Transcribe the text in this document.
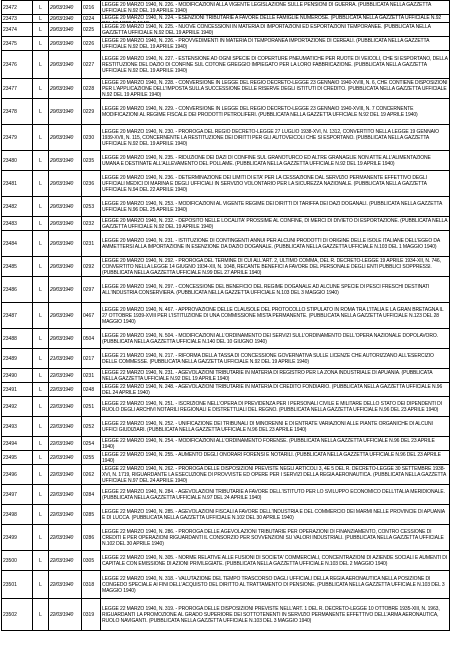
23472	L	20/03/1940	0216	LEGGE 20 MARZO 1940, N. 226. - MODIFICAZIONI ALLA VIGENTE LEGISLAZIONE SULLE PENSIONI DI GUERRA. (PUBBLICATA NELLA GAZZETTA UFFICIALE N.92 DEL 19 APRILE 1940)

23473	L	20/03/1940	0224	LEGGE 20 MARZO 1940, N. 224. - ESENZIONI TRIBUTARIE A FAVORE DELLE FAMIGLIE NUMEROSE. (PUBBLICATA NELLA GAZZETTA UFFICIALE N.92

23474	L	20/03/1940	0225	LEGGE 20 MARZO 1940, N. 225. - NUOVE CONCESSIONI IN MATERIA DI IMPORTAZIONI ED ESPORTAZIONI TEMPORANEE. (PUBBLICATA NELLA GAZZETTA UFFICIALE N.92 DEL 19 APRILE 1940)

23475	L	20/03/1940	0226	LEGGE 20 MARZO 1940, N. 226. - PROVVEDIMENTI IN MATERIA DI TEMPORANEA IMPORTAZIONE DI CEREALI. (PUBBLICATA NELLA GAZZETTA UFFICIALE N.92 DEL 19 APRILE 1940)

23476	L	20/03/1940	0227	LEGGE 20 MARZO 1940, N. 227. - ESTENSIONE AD OGNI SPECIE DI COPERTURE PNEUMATICHE PER RUOTE DI VEICOLI, CHE SI ESPORTANO, DELLA RESTITUZIONE DEL DAZIO DI CONFINE SUL COTONE GREGGIO IMPIEGATO PER LA LORO FABBRICAZIONE. (PUBBLICATA NELLA GAZZETTA UFFICIALE N.92 DEL 19 APRILE 1940)

23477	L	20/03/1940	0228	LEGGE 20 MARZO 1940, N. 228. - CONVERSIONE IN LEGGE DEL REGIO DECRETO-LEGGE 23 GENNAIO 1940-XVIII, N. 6, CHE CONTIENE DISPOSIZIONI PER L'APPLICAZIONE DELL'IMPOSTA SULLA SUCCESSIONE DELLE RISERVE DEGLI ISTITUTI DI CREDITO. (PUBBLICATA NELLA GAZZETTA UFFICIALE N.92 DEL 19 APRILE 1940)

23478	L	20/03/1940	0229	LEGGE 20 MARZO 1940, N. 229. - CONVERSIONE IN LEGGE DEL REGIO DECRETO-LEGGE 23 GENNAIO 1940-XVIII, N. 7 CONCERNENTE MODIFICAZIONI AL REGIME FISCALE DEI PRODOTTI PETROLIFERI. (PUBBLICATA NELLA GAZZETTA UFFICIALE N.92 DEL 19 APRILE 1940)

23479	L	20/03/1940	0230	LEGGE 20 MARZO 1940, N. 230. - PROROGA DEL REGIO DECRETO-LEGGE 27 LUGLIO 1938-XVI, N. 1312, CONVERTITO NELLA LEGGE 19 GENNAIO 1939-XVII, N. 115, CONCERNENTE LA RESTITUZIONE DEI DIRITTI PER GLI AUTOVEICOLI CHE SI ESPORTANO. (PUBBLICATA NELLA GAZZETTA UFFICIALE N.92 DEL 19 APRILE 1940)

23480	L	20/03/1940	0235	LEGGE 20 MARZO 1940, N. 235. - RIDUZIONE DEI DAZI DI CONFINE SUL GRANOTURCO ED ALTRE GRANAGLIE NON ATTE ALL'ALIMENTAZIONE UMANA E DESTINATE ALL'ALLEVAMENTO DEL POLLAME. (PUBBLICATA NELLA GAZZETTA UFFICIALE N.92 DEL 19 APRILE 1940)

23481	L	20/03/1940	0236	LEGGE 20 MARZO 1940, N. 236. - DETERMINAZIONE DEI LIMITI DI ETA' PER LA CESSAZIONE DAL SERVIZIO PERMANENTE EFFETTIVO DEGLI UFFICIALI MEDICI DI MARINA E DEGLI UFFICIALI IN SERVIZIO VOLONTARIO PER LA SICUREZZA NAZIONALE. (PUBBLICATA NELLA GAZZETTA UFFICIALE N.94 DEL 22 APRILE 1940)

23482	L	20/03/1940	0253	LEGGE 20 MARZO 1940, N. 253. - MODIFICAZIONI AL VIGENTE REGIME DEI DIRITTI DI TARIFFA DEI DAZI DOGANALI. (PUBBLICATA NELLA GAZZETTA UFFICIALE N.96 DEL 25 APRILE 1940)

23483	L	20/03/1940	0232	LEGGE 20 MARZO 1940, N. 232. - DEPOSITO NELLE LOCALITA' PROSSIME AL CONFINE, DI MERCI DI DIVIETO DI ESPORTAZIONE. (PUBBLICATA NELLA GAZZETTA UFFICIALE N.92 DEL 19 APRILE 1940)

23484	L	20/03/1940	0231	LEGGE 20 MARZO 1940, N. 231. - ISTITUZIONE DI CONTINGENTI ANNUI PER ALCUNI PRODOTTI DI ORIGINE DELLE ISOLE ITALIANE DELL'EGEO DA AMMETTERSI ALLA IMPORTAZIONE IN ESENZIONE DA DAZIO DOGANALE. (PUBBLICATA NELLA GAZZETTA UFFICIALE N.103 DEL 1 MAGGIO 1940)

23485	L	20/03/1940	0292	LEGGE 20 MARZO 1940, N. 292. - PROROGA DEL TERMINE DI CUI ALL'ART. 2, ULTIMO COMMA, DEL R. DECRETO-LEGGE 19 APRILE 1934-XII, N. 746, CONVERTITO NELLA LEGGE 14 GIUGNO 1934-XII, N. 1048, RECANTE BENEFICI A FAVORE DEL PERSONALE DEGLI ENTI PUBBLICI SOPPRESSI. (PUBBLICATA NELLA GAZZETTA UFFICIALE N.99 DEL 27 APRILE 1940)

23486	L	20/03/1940	0297	LEGGE 20 MARZO 1940, N. 297. - CONCESSIONE DEL BENEFICIO DEL REGIME DOGANALE AD ALCUNE SPECIE DI PESCI FRESCHI DESTINATI ALL'INDUSTRIA CONSERVIERA. (PUBBLICATA NELLA GAZZETTA UFFICIALE N.103 DEL 3 MAGGIO 1940)

23487	L	20/03/1940	0467	LEGGE 20 MARZO 1940, N. 467. - APPROVAZIONE DELLE CLAUSOLE DEL PROTOCOLLO STIPULATO IN ROMA TRA L'ITALIA E LA GRAN BRETAGNA IL 27 OTTOBRE 1939-XVIII PER L'ISTITUZIONE DI UNA COMMISSIONE MISTA PERMANENTE. (PUBBLICATA NELLA GAZZETTA UFFICIALE N.123 DEL 28 MAGGIO 1940)

23488	L	20/03/1940	0504	LEGGE 20 MARZO 1940, N. 504. - MODIFICAZIONI ALL'ORDINAMENTO DEI SERVIZI SULL'ORDINAMENTO DELL'OPERA NAZIONALE DOPOLAVORO. (PUBBLICATA NELLA GAZZETTA UFFICIALE N.140 DEL 10 GIUGNO 1940)

23489	L	21/03/1940	0217	LEGGE 21 MARZO 1940, N. 217. - RIFORMA DELLA TASSA DI CONCESSIONE GOVERNATIVA SULLE LICENZE CHE AUTORIZZANO ALL'ESERCIZIO DELLE COMMESSE. (PUBBLICATA NELLA GAZZETTA UFFICIALE N.92 DEL 19 APRILE 1940)

23490	L	22/03/1940	0231	LEGGE 22 MARZO 1940, N. 231. - AGEVOLAZIONI TRIBUTARIE IN MATERIA DI REGISTRO PER LA ZONA INDUSTRIALE DI APUANIA. (PUBBLICATA NELLA GAZZETTA UFFICIALE N.92 DEL 19 APRILE 1940)

23491	L	22/03/1940	0248	LEGGE 22 MARZO 1940, N. 248. - AGEVOLAZIONI TRIBUTARIE IN MATERIA DI CREDITO FONDIARIO. (PUBBLICATA NELLA GAZZETTA UFFICIALE N.96 DEL 24 APRILE 1940)

23492	L	22/03/1940	0251	LEGGE 22 MARZO 1940, N. 251. - ISCRIZIONE NELL'OPERA DI PREVIDENZA PER I PERSONALI CIVILE E MILITARE DELLO STATO DEI DIPENDENTI DI RUOLO DEGLI ARCHIVI NOTARILI REGIONALI E DISTRETTUALI DEL REGNO. (PUBBLICATA NELLA GAZZETTA UFFICIALE N.96 DEL 23 APRILE 1940)

23493	L	22/03/1940	0252	LEGGE 22 MARZO 1940, N. 252. - UNIFICAZIONE DEI TRIBUNALI DI MINORENNI E DI ENTRATE VARIAZIONI ALLE PIANTE ORGANICHE DI ALCUNI UFFICI GIUDIZIARI. (PUBBLICATA NELLA GAZZETTA UFFICIALE N.96 DEL 23 APRILE 1940)

23494	L	22/03/1940	0254	LEGGE 22 MARZO 1940, N. 254. - MODIFICAZIONI ALL'ORDINAMENTO FORENSE. (PUBBLICATA NELLA GAZZETTA UFFICIALE N.96 DEL 23 APRILE 1940)

23495	L	22/03/1940	0255	LEGGE 22 MARZO 1940, N. 255. - AUMENTO DEGLI ONORARI FORENSI E NOTARILI. (PUBBLICATA NELLA GAZZETTA UFFICIALE N.96 DEL 23 APRILE 1940)

23496	L	22/03/1940	0262	LEGGE 22 MARZO 1940, N. 262. - PROROGA DELLE DISPOSIZIONI PREVISTE NEGLI ARTICOLI 3, 4E 5 DEL R. DECRETO-LEGGE 30 SETTEMBRE 1938-XVI, N. 1719, RIGUARDANTE LA ESECUZIONE DI PROVVISTE ED OPERE PER I SERVIZI DELLA REGIA AERONAUTICA. (PUBBLICATA NELLA GAZZETTA UFFICIALE N.97 DEL 24 APRILE 1940)

23497	L	22/03/1940	0284	LEGGE 22 MARZO 1940, N. 284. - AGEVOLAZIONI TRIBUTARIE A FAVORE DELL'ISTITUTO PER LO SVILUPPO ECONOMICO DELL'ITALIA MERIDIONALE. (PUBBLICATA NELLA GAZZETTA UFFICIALE N.97 DEL 24 APRILE 1940)

23498	L	22/03/1940	0285	LEGGE 22 MARZO 1940, N. 285. - AGEVOLAZIONI FISCALI A FAVORE DELL'INDUSTRIA E DEL COMMERCIO DEI MARMI NELLE PROVINCIE DI APUANIA E DI LUCCA. (PUBBLICATA NELLA GAZZETTA UFFICIALE N.102 DEL 30 APRILE 1940)

23499	L	22/03/1940	0286	LEGGE 22 MARZO 1940, N. 286. - PROROGA DELLE AGEVOLAZIONI TRIBUTARIE PER OPERAZIONI DI FINANZIAMENTO, CONTRO CESSIONE DI CREDITI E PER OPERAZIONI RIGUARDANTI IL CONSORZIO PER SOVVENZIONI SU VALORI INDUSTRIALI. (PUBBLICATA NELLA GAZZETTA UFFICIALE N.102 DEL 30 APRILE 1940)

23500	L	22/03/1940	0305	LEGGE 22 MARZO 1940, N. 305. - NORME RELATIVE ALLE FUSIONI DI SOCIETA' COMMERCIALI, CONCENTRAZIONI DI AZIENDE SOCIALI E AUMENTI DI CAPITALE CON EMISSIONE DI AZIONI PRIVILEGIATE. (PUBBLICATA NELLA GAZZETTA UFFICIALE N.103 DEL 2 MAGGIO 1940)

23501	L	22/03/1940	0318	LEGGE 22 MARZO 1940, N. 318. - VALUTAZIONE DEL TEMPO TRASCORSO DAGLI UFFICIALI DELLA REGIA AERONAUTICA NELLA POSIZIONE DI CONGEDO SPECIALE AI FINI DELL'ACQUISTO DEL DIRITTO AL TRATTAMENTO DI PENSIONE. (PUBBLICATA NELLA GAZZETTA UFFICIALE N.103 DEL 3 MAGGIO 1940)

23502	L	22/03/1940	0319	LEGGE 22 MARZO 1940, N. 319. - PROROGA DELLE DISPOSIZIONI PREVISTE NELL'ART. 1 DEL R. DECRETO-LEGGE 10 OTTOBRE 1935-XIII, N. 1963, RIGUARDANTI LA PROMOZIONE AL GRADO SUPERIORE DEI SOTTOTENENTI IN SERVIZIO PERMANENTE EFFETTIVO DELL'ARMA AERONAUTICA, RUOLO NAVIGANTI. (PUBBLICATA NELLA GAZZETTA UFFICIALE N.103 DEL 3 MAGGIO 1940)
